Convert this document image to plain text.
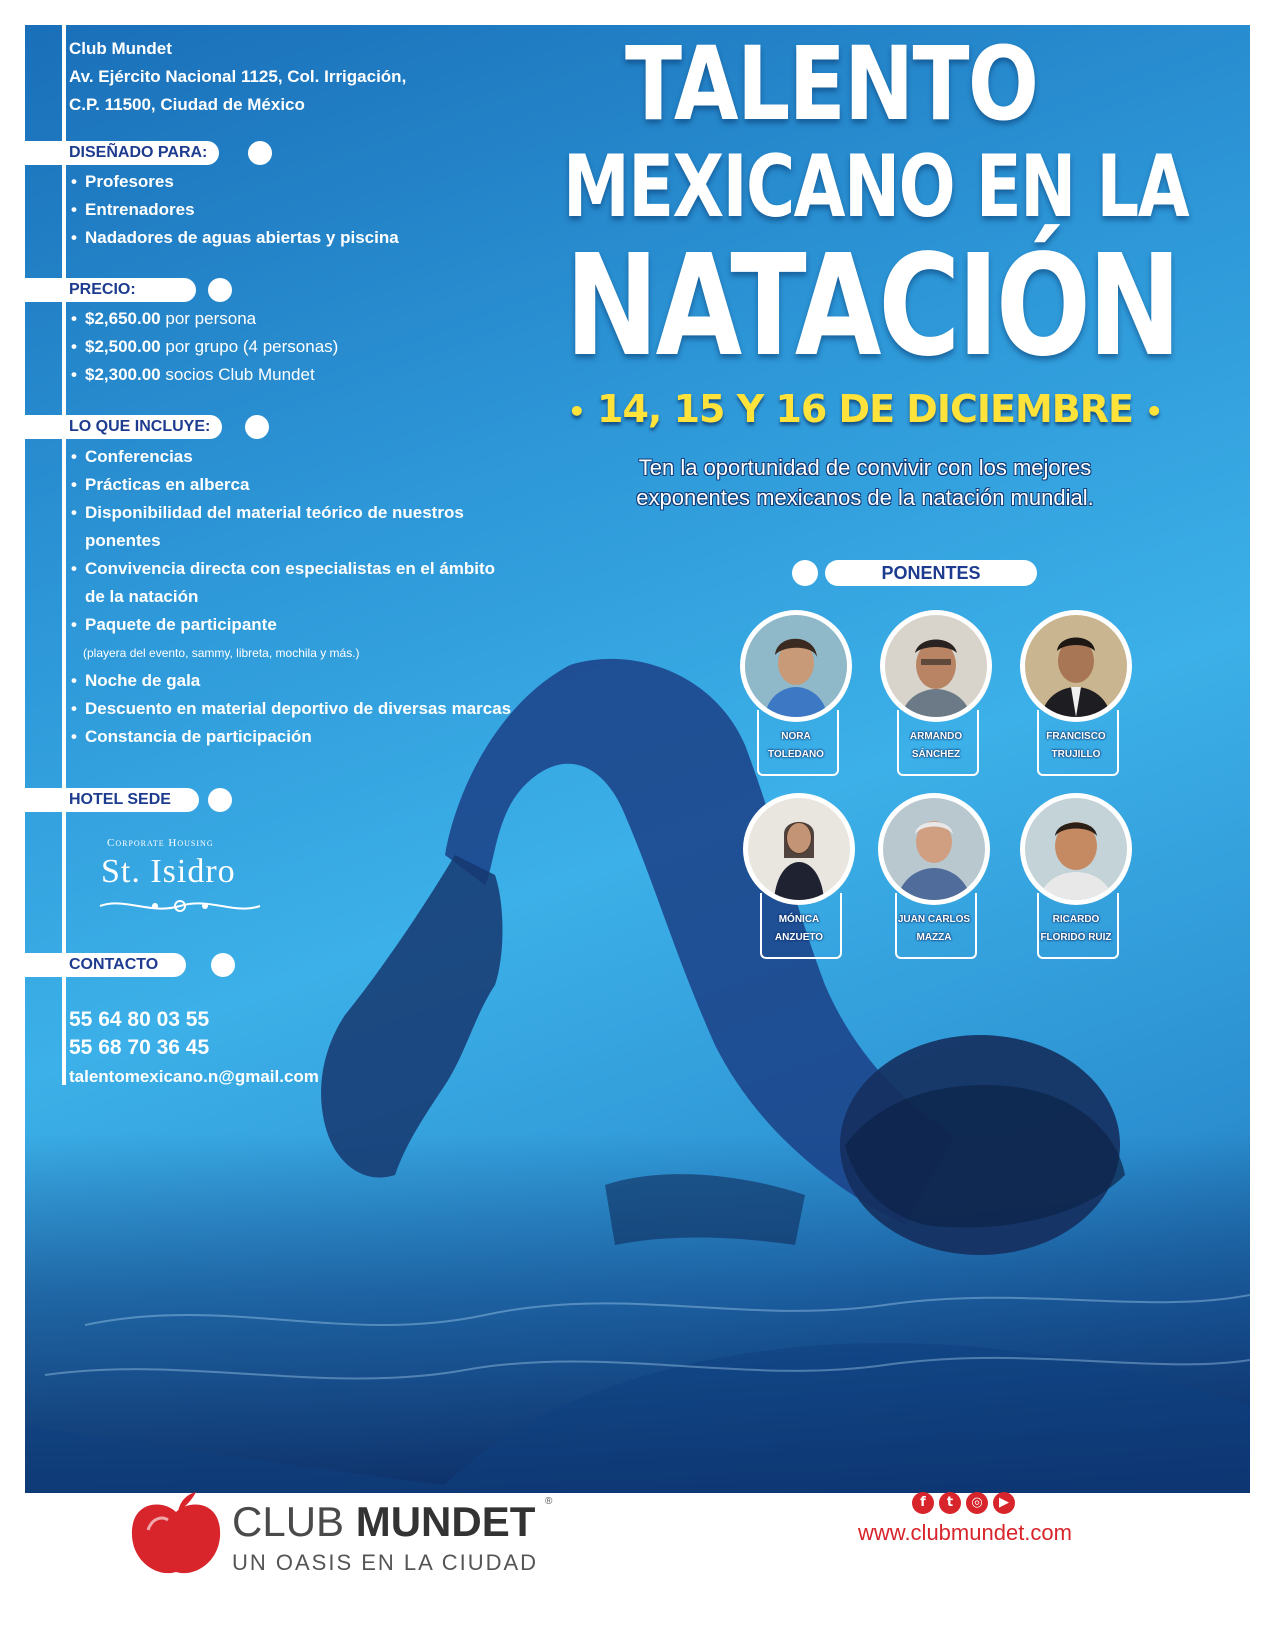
Club Mundet
Av. Ejército Nacional 1125, Col. Irrigación,
C.P. 11500, Ciudad de México
DISEÑADO PARA:
• Profesores
• Entrenadores
• Nadadores de aguas abiertas y piscina
PRECIO:
• $2,650.00 por persona
• $2,500.00 por grupo (4 personas)
• $2,300.00 socios Club Mundet
LO QUE INCLUYE:
• Conferencias
• Prácticas en alberca
• Disponibilidad del material teórico de nuestros
ponentes
• Convivencia directa con especialistas en el ámbito
de la natación
• Paquete de participante
(playera del evento, sammy, libreta, mochila y más.)
• Noche de gala
• Descuento en material deportivo de diversas marcas
• Constancia de participación
HOTEL SEDE
Corporate Housing
St. Isidro
CONTACTO
55 64 80 03 55
55 68 70 36 45
talentomexicano.n@gmail.com
TALENTO
MEXICANO EN LA
NATACIÓN
• 14, 15 Y 16 DE DICIEMBRE •
Ten la oportunidad de convivir con los mejores
exponentes mexicanos de la natación mundial.
PONENTES
NORA
TOLEDANO
ARMANDO
SÁNCHEZ
FRANCISCO
TRUJILLO
MÓNICA
ANZUETO
JUAN CARLOS
MAZZA
RICARDO
FLORIDO RUIZ
CLUB MUNDET ®
UN OASIS EN LA CIUDAD
f	t	◎	▶
www.clubmundet.com
